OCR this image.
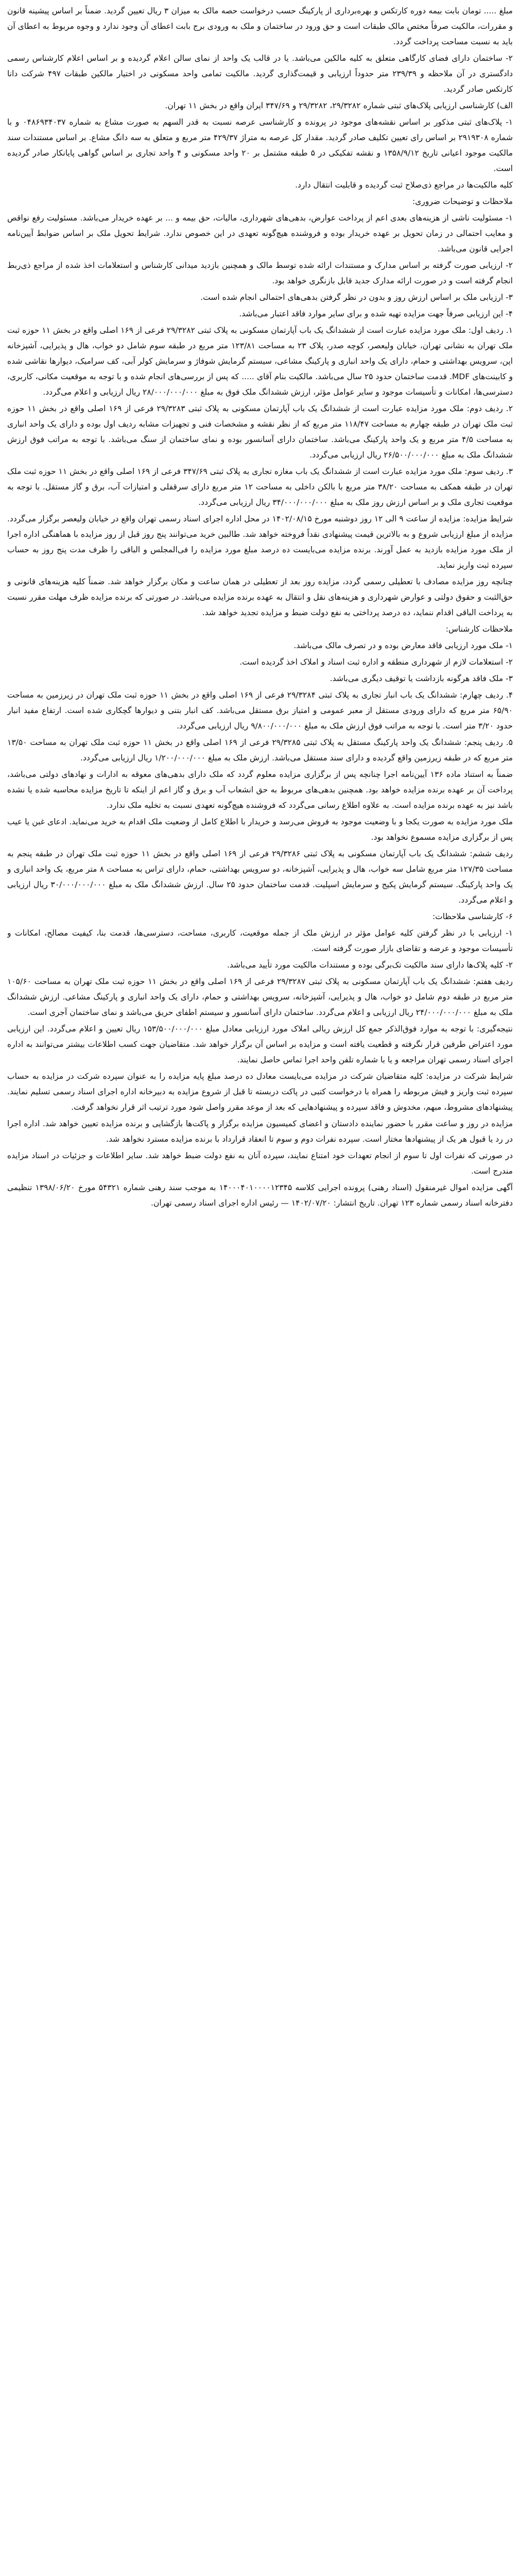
مبلغ ..... تومان بابت بیمه دوره کارتکس و بهره‌برداری از پارکینگ حسب درخواست حصه مالک به میزان ۳ ریال تعیین گردید. ضمناً بر اساس پیشینه قانون و مقررات، مالکیت صرفاً مختص مالک طبقات است و حق ورود در ساختمان و ملک به ورودی برج بابت اعطای آن وجود ندارد و وجوه مربوط به اعطای آن باید به نسبت مساحت پرداخت گردد.

۲- ساختمان دارای فضای کارگاهی متعلق به کلیه مالکین می‌باشد. یا در قالب یک واحد از نمای سالن اعلام گردیده و بر اساس اعلام کارشناس رسمی دادگستری در آن ملاحظه و ۲۳۹/۳۹ متر حدوداً ارزیابی و قیمت‌گذاری گردید. مالکیت تمامی واحد مسکونی در اختیار مالکین طبقات ۴۹۷ شرکت دانا کارتکس صادر گردید.

الف) کارشناسی ارزیابی پلاک‌های ثبتی شماره ۲۹/۳۲۸۲، ۲۹/۳۲۸۲ و ۳۴۷/۶۹ ایران واقع در بخش ۱۱ تهران.

۱- پلاک‌های ثبتی مذکور بر اساس نقشه‌های موجود در پرونده و کارشناسی عرصه نسبت به قدر السهم به صورت مشاع به شماره ۰۴۸۶۹۳۴۰۳۷ و با شماره ۲۹۱۹۳۰۸ بر اساس رای تعیین تکلیف صادر گردید. مقدار کل عرصه به متراژ ۴۲۹/۳۷ متر مربع و متعلق به سه دانگ مشاع. بر اساس مستندات سند مالکیت موجود اعیانی تاریخ ۱۳۵۸/۹/۱۲ و نقشه تفکیکی در ۵ طبقه مشتمل بر ۲۰ واحد مسکونی و ۴ واحد تجاری بر اساس گواهی پایانکار صادر گردیده است.

کلیه مالکیت‌ها در مراجع ذی‌صلاح ثبت گردیده و قابلیت انتقال دارد.

ملاحظات و توضیحات ضروری:

۱- مسئولیت ناشی از هزینه‌های بعدی اعم از پرداخت عوارض، بدهی‌های شهرداری، مالیات، حق بیمه و ... بر عهده خریدار می‌باشد. مسئولیت رفع نواقص و معایب احتمالی در زمان تحویل بر عهده خریدار بوده و فروشنده هیچ‌گونه تعهدی در این خصوص ندارد. شرایط تحویل ملک بر اساس ضوابط آیین‌نامه اجرایی قانون می‌باشد.

۲- ارزیابی صورت گرفته بر اساس مدارک و مستندات ارائه شده توسط مالک و همچنین بازدید میدانی کارشناس و استعلامات اخذ شده از مراجع ذی‌ربط انجام گرفته است و در صورت ارائه مدارک جدید قابل بازنگری خواهد بود.

۳- ارزیابی ملک بر اساس ارزش روز و بدون در نظر گرفتن بدهی‌های احتمالی انجام شده است.

۴- این ارزیابی صرفاً جهت مزایده تهیه شده و برای سایر موارد فاقد اعتبار می‌باشد.

۱. ردیف اول: ملک مورد مزایده عبارت است از ششدانگ یک باب آپارتمان مسکونی به پلاک ثبتی ۲۹/۳۲۸۲ فرعی از ۱۶۹ اصلی واقع در بخش ۱۱ حوزه ثبت ملک تهران به نشانی تهران، خیابان ولیعصر، کوچه صدر، پلاک ۲۳ به مساحت ۱۲۳/۸۱ متر مربع در طبقه سوم شامل دو خواب، هال و پذیرایی، آشپزخانه اپن، سرویس بهداشتی و حمام، دارای یک واحد انباری و پارکینگ مشاعی، سیستم گرمایش شوفاژ و سرمایش کولر آبی، کف سرامیک، دیوارها نقاشی شده و کابینت‌های MDF. قدمت ساختمان حدود ۲۵ سال می‌باشد. مالکیت بنام آقای ..... که پس از بررسی‌های انجام شده و با توجه به موقعیت مکانی، کاربری، دسترسی‌ها، امکانات و تأسیسات موجود و سایر عوامل مؤثر، ارزش ششدانگ ملک فوق به مبلغ ۲۸/۰۰۰/۰۰۰/۰۰۰ ریال ارزیابی و اعلام می‌گردد.

۲. ردیف دوم: ملک مورد مزایده عبارت است از ششدانگ یک باب آپارتمان مسکونی به پلاک ثبتی ۲۹/۳۲۸۳ فرعی از ۱۶۹ اصلی واقع در بخش ۱۱ حوزه ثبت ملک تهران در طبقه چهارم به مساحت ۱۱۸/۴۷ متر مربع که از نظر نقشه و مشخصات فنی و تجهیزات مشابه ردیف اول بوده و دارای یک واحد انباری به مساحت ۴/۵ متر مربع و یک واحد پارکینگ می‌باشد. ساختمان دارای آسانسور بوده و نمای ساختمان از سنگ می‌باشد. با توجه به مراتب فوق ارزش ششدانگ ملک به مبلغ ۲۶/۵۰۰/۰۰۰/۰۰۰ ریال ارزیابی می‌گردد.

۳. ردیف سوم: ملک مورد مزایده عبارت است از ششدانگ یک باب مغازه تجاری به پلاک ثبتی ۳۴۷/۶۹ فرعی از ۱۶۹ اصلی واقع در بخش ۱۱ حوزه ثبت ملک تهران در طبقه همکف به مساحت ۳۸/۲۰ متر مربع با بالکن داخلی به مساحت ۱۲ متر مربع دارای سرقفلی و امتیازات آب، برق و گاز مستقل. با توجه به موقعیت تجاری ملک و بر اساس ارزش روز ملک به مبلغ ۳۴/۰۰۰/۰۰۰/۰۰۰ ریال ارزیابی می‌گردد.

شرایط مزایده: مزایده از ساعت ۹ الی ۱۲ روز دوشنبه مورخ ۱۴۰۲/۰۸/۱۵ در محل اداره اجرای اسناد رسمی تهران واقع در خیابان ولیعصر برگزار می‌گردد. مزایده از مبلغ ارزیابی شروع و به بالاترین قیمت پیشنهادی نقداً فروخته خواهد شد. طالبین خرید می‌توانند پنج روز قبل از روز مزایده با هماهنگی اداره اجرا از ملک مورد مزایده بازدید به عمل آورند. برنده مزایده می‌بایست ده درصد مبلغ مورد مزایده را فی‌المجلس و الباقی را ظرف مدت پنج روز به حساب سپرده ثبت واریز نماید.

چنانچه روز مزایده مصادف با تعطیلی رسمی گردد، مزایده روز بعد از تعطیلی در همان ساعت و مکان برگزار خواهد شد. ضمناً کلیه هزینه‌های قانونی و حق‌الثبت و حقوق دولتی و عوارض شهرداری و هزینه‌های نقل و انتقال به عهده برنده مزایده می‌باشد. در صورتی که برنده مزایده ظرف مهلت مقرر نسبت به پرداخت الباقی اقدام ننماید، ده درصد پرداختی به نفع دولت ضبط و مزایده تجدید خواهد شد.

ملاحظات کارشناس:

۱- ملک مورد ارزیابی فاقد معارض بوده و در تصرف مالک می‌باشد.

۲- استعلامات لازم از شهرداری منطقه و اداره ثبت اسناد و املاک اخذ گردیده است.

۳- ملک فاقد هرگونه بازداشت یا توقیف دیگری می‌باشد.

۴. ردیف چهارم: ششدانگ یک باب انبار تجاری به پلاک ثبتی ۲۹/۳۲۸۴ فرعی از ۱۶۹ اصلی واقع در بخش ۱۱ حوزه ثبت ملک تهران در زیرزمین به مساحت ۶۵/۹۰ متر مربع که دارای ورودی مستقل از معبر عمومی و امتیاز برق مستقل می‌باشد. کف انبار بتنی و دیوارها گچکاری شده است. ارتفاع مفید انبار حدود ۳/۲۰ متر است. با توجه به مراتب فوق ارزش ملک به مبلغ ۹/۸۰۰/۰۰۰/۰۰۰ ریال ارزیابی می‌گردد.

۵. ردیف پنجم: ششدانگ یک واحد پارکینگ مستقل به پلاک ثبتی ۲۹/۳۲۸۵ فرعی از ۱۶۹ اصلی واقع در بخش ۱۱ حوزه ثبت ملک تهران به مساحت ۱۳/۵۰ متر مربع که در طبقه زیرزمین واقع گردیده و دارای سند مستقل می‌باشد. ارزش ملک به مبلغ ۱/۲۰۰/۰۰۰/۰۰۰ ریال ارزیابی می‌گردد.

ضمناً به استناد ماده ۱۳۶ آیین‌نامه اجرا چنانچه پس از برگزاری مزایده معلوم گردد که ملک دارای بدهی‌های معوقه به ادارات و نهادهای دولتی می‌باشد، پرداخت آن بر عهده برنده مزایده خواهد بود. همچنین بدهی‌های مربوط به حق انشعاب آب و برق و گاز اعم از اینکه تا تاریخ مزایده محاسبه شده یا نشده باشد نیز به عهده برنده مزایده است. به علاوه اطلاع رسانی می‌گردد که فروشنده هیچ‌گونه تعهدی نسبت به تخلیه ملک ندارد.

ملک مورد مزایده به صورت یکجا و با وضعیت موجود به فروش می‌رسد و خریدار با اطلاع کامل از وضعیت ملک اقدام به خرید می‌نماید. ادعای غبن یا عیب پس از برگزاری مزایده مسموع نخواهد بود.

ردیف ششم: ششدانگ یک باب آپارتمان مسکونی به پلاک ثبتی ۲۹/۳۲۸۶ فرعی از ۱۶۹ اصلی واقع در بخش ۱۱ حوزه ثبت ملک تهران در طبقه پنجم به مساحت ۱۲۷/۳۵ متر مربع شامل سه خواب، هال و پذیرایی، آشپزخانه، دو سرویس بهداشتی، حمام، دارای تراس به مساحت ۸ متر مربع، یک واحد انباری و یک واحد پارکینگ. سیستم گرمایش پکیج و سرمایش اسپلیت. قدمت ساختمان حدود ۲۵ سال. ارزش ششدانگ ملک به مبلغ ۳۰/۰۰۰/۰۰۰/۰۰۰ ریال ارزیابی و اعلام می‌گردد.

۶- کارشناسی ملاحظات:

۱- ارزیابی با در نظر گرفتن کلیه عوامل مؤثر در ارزش ملک از جمله موقعیت، کاربری، مساحت، دسترسی‌ها، قدمت بنا، کیفیت مصالح، امکانات و تأسیسات موجود و عرضه و تقاضای بازار صورت گرفته است.

۲- کلیه پلاک‌ها دارای سند مالکیت تک‌برگی بوده و مستندات مالکیت مورد تأیید می‌باشد.

ردیف هفتم: ششدانگ یک باب آپارتمان مسکونی به پلاک ثبتی ۲۹/۳۲۸۷ فرعی از ۱۶۹ اصلی واقع در بخش ۱۱ حوزه ثبت ملک تهران به مساحت ۱۰۵/۶۰ متر مربع در طبقه دوم شامل دو خواب، هال و پذیرایی، آشپزخانه، سرویس بهداشتی و حمام، دارای یک واحد انباری و پارکینگ مشاعی. ارزش ششدانگ ملک به مبلغ ۲۴/۰۰۰/۰۰۰/۰۰۰ ریال ارزیابی و اعلام می‌گردد. ساختمان دارای آسانسور و سیستم اطفای حریق می‌باشد و نمای ساختمان آجری است.

نتیجه‌گیری: با توجه به موارد فوق‌الذکر جمع کل ارزش ریالی املاک مورد ارزیابی معادل مبلغ ۱۵۳/۵۰۰/۰۰۰/۰۰۰ ریال تعیین و اعلام می‌گردد. این ارزیابی مورد اعتراض طرفین قرار نگرفته و قطعیت یافته است و مزایده بر اساس آن برگزار خواهد شد. متقاضیان جهت کسب اطلاعات بیشتر می‌توانند به اداره اجرای اسناد رسمی تهران مراجعه و یا با شماره تلفن واحد اجرا تماس حاصل نمایند.

شرایط شرکت در مزایده: کلیه متقاضیان شرکت در مزایده می‌بایست معادل ده درصد مبلغ پایه مزایده را به عنوان سپرده شرکت در مزایده به حساب سپرده ثبت واریز و فیش مربوطه را همراه با درخواست کتبی در پاکت دربسته تا قبل از شروع مزایده به دبیرخانه اداره اجرای اسناد رسمی تسلیم نمایند. پیشنهادهای مشروط، مبهم، مخدوش و فاقد سپرده و پیشنهادهایی که بعد از موعد مقرر واصل شود مورد ترتیب اثر قرار نخواهد گرفت.

مزایده در روز و ساعت مقرر با حضور نماینده دادستان و اعضای کمیسیون مزایده برگزار و پاکت‌ها بازگشایی و برنده مزایده تعیین خواهد شد. اداره اجرا در رد یا قبول هر یک از پیشنهادها مختار است. سپرده نفرات دوم و سوم تا انعقاد قرارداد با برنده مزایده مسترد نخواهد شد.

در صورتی که نفرات اول تا سوم از انجام تعهدات خود امتناع نمایند، سپرده آنان به نفع دولت ضبط خواهد شد. سایر اطلاعات و جزئیات در اسناد مزایده مندرج است.

آگهی مزایده اموال غیرمنقول (اسناد رهنی) پرونده اجرایی کلاسه ۱۴۰۰۰۴۰۱۰۰۰۰۱۲۳۴۵ به موجب سند رهنی شماره ۵۴۳۲۱ مورخ ۱۳۹۸/۰۶/۲۰ تنظیمی دفترخانه اسناد رسمی شماره ۱۲۳ تهران. تاریخ انتشار: ۱۴۰۲/۰۷/۲۰ — رئیس اداره اجرای اسناد رسمی تهران.
